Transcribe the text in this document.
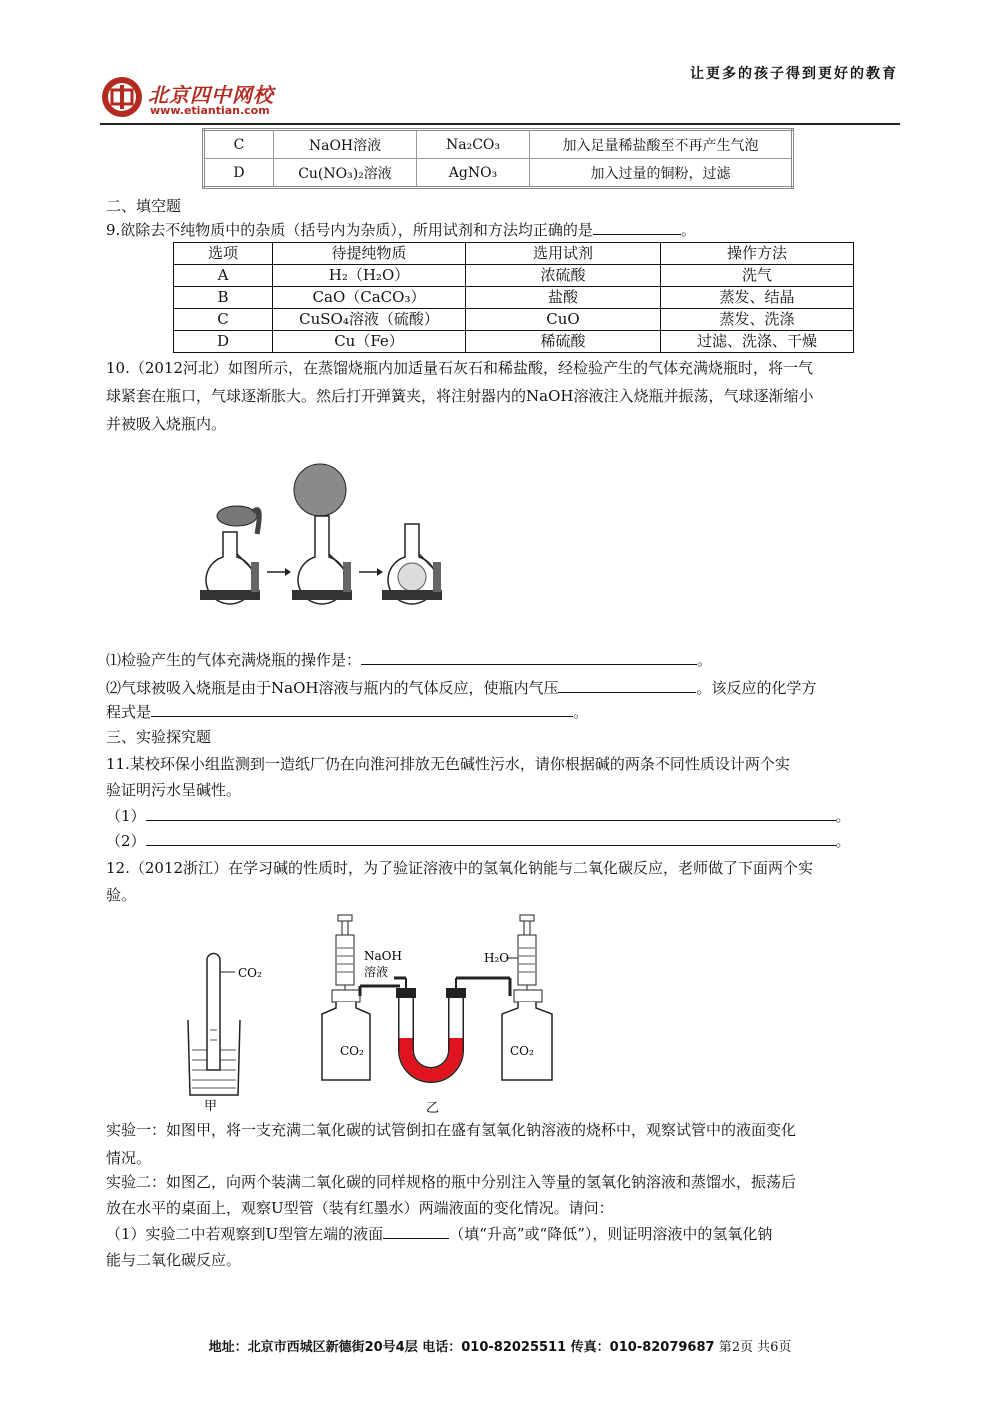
北京四中网校
www.etiantian.com
让更多的孩子得到更好的教育
C	NaOH溶液	Na₂CO₃	加入足量稀盐酸至不再产生气泡
D	Cu(NO₃)₂溶液	AgNO₃	加入过量的铜粉，过滤
二、填空题
9.欲除去不纯物质中的杂质（括号内为杂质），所用试剂和方法均正确的是	。
选项	待提纯物质	选用试剂	操作方法
A	H₂（H₂O）	浓硫酸	洗气
B	CaO（CaCO₃）	盐酸	蒸发、结晶
C	CuSO₄溶液（硫酸）	CuO	蒸发、洗涤
D	Cu（Fe）	稀硫酸	过滤、洗涤、干燥
10.（2012河北）如图所示，在蒸馏烧瓶内加适量石灰石和稀盐酸，经检验产生的气体充满烧瓶时，将一气
球紧套在瓶口，气球逐渐胀大。然后打开弹簧夹，将注射器内的NaOH溶液注入烧瓶并振荡，气球逐渐缩小
并被吸入烧瓶内。
⑴检验产生的气体充满烧瓶的操作是：	。
⑵气球被吸入烧瓶是由于NaOH溶液与瓶内的气体反应，使瓶内气压	。该反应的化学方
程式是	。
三、实验探究题
11.某校环保小组监测到一造纸厂仍在向淮河排放无色碱性污水，请你根据碱的两条不同性质设计两个实
验证明污水呈碱性。
（1）	。
（2）	。
12.（2012浙江）在学习碱的性质时，为了验证溶液中的氢氧化钠能与二氧化碳反应，老师做了下面两个实
验。
CO₂
甲
NaOH
溶液
CO₂
乙
H₂O
CO₂
实验一：如图甲，将一支充满二氧化碳的试管倒扣在盛有氢氧化钠溶液的烧杯中，观察试管中的液面变化
情况。
实验二：如图乙，向两个装满二氧化碳的同样规格的瓶中分别注入等量的氢氧化钠溶液和蒸馏水，振荡后
放在水平的桌面上，观察U型管（装有红墨水）两端液面的变化情况。请问：
（1）实验二中若观察到U型管左端的液面	（填“升高”或“降低”），则证明溶液中的氢氧化钠
能与二氧化碳反应。
地址：北京市西城区新德街20号4层 电话：010-82025511 传真：010-82079687 第2页 共6页
